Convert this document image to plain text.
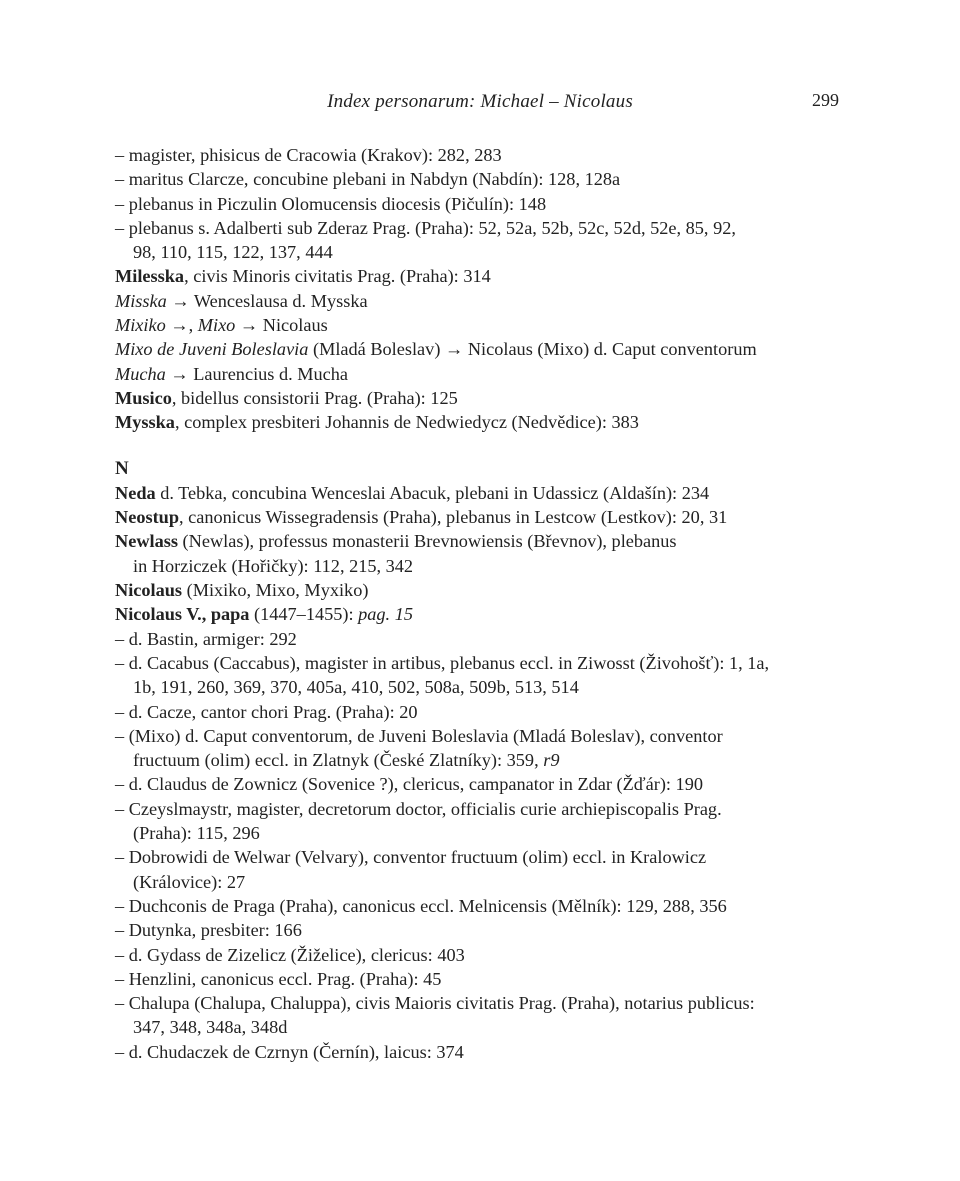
Index personarum: Michael – Nicolaus	299
– magister, phisicus de Cracowia (Krakov): 282, 283
– maritus Clarcze, concubine plebani in Nabdyn (Nabdín): 128, 128a
– plebanus in Piczulin Olomucensis diocesis (Pičulín): 148
– plebanus s. Adalberti sub Zderaz Prag. (Praha): 52, 52a, 52b, 52c, 52d, 52e, 85, 92,
98, 110, 115, 122, 137, 444
Milesska, civis Minoris civitatis Prag. (Praha): 314
Misska → Wenceslausa d. Mysska
Mixiko →, Mixo → Nicolaus
Mixo de Juveni Boleslavia (Mladá Boleslav) → Nicolaus (Mixo) d. Caput conventorum
Mucha → Laurencius d. Mucha
Musico, bidellus consistorii Prag. (Praha): 125
Mysska, complex presbiteri Johannis de Nedwiedycz (Nedvědice): 383
N
Neda d. Tebka, concubina Wenceslai Abacuk, plebani in Udassicz (Aldašín): 234
Neostup, canonicus Wissegradensis (Praha), plebanus in Lestcow (Lestkov): 20, 31
Newlass (Newlas), professus monasterii Brevnowiensis (Břevnov), plebanus
in Horziczek (Hořičky): 112, 215, 342
Nicolaus (Mixiko, Mixo, Myxiko)
Nicolaus V., papa (1447–1455): pag. 15
– d. Bastin, armiger: 292
– d. Cacabus (Caccabus), magister in artibus, plebanus eccl. in Ziwosst (Živohošť): 1, 1a,
1b, 191, 260, 369, 370, 405a, 410, 502, 508a, 509b, 513, 514
– d. Cacze, cantor chori Prag. (Praha): 20
– (Mixo) d. Caput conventorum, de Juveni Boleslavia (Mladá Boleslav), conventor
fructuum (olim) eccl. in Zlatnyk (České Zlatníky): 359, r9
– d. Claudus de Zownicz (Sovenice ?), clericus, campanator in Zdar (Žďár): 190
– Czeyslmaystr, magister, decretorum doctor, officialis curie archiepiscopalis Prag.
(Praha): 115, 296
– Dobrowidi de Welwar (Velvary), conventor fructuum (olim) eccl. in Kralowicz
(Královice): 27
– Duchconis de Praga (Praha), canonicus eccl. Melnicensis (Mělník): 129, 288, 356
– Dutynka, presbiter: 166
– d. Gydass de Zizelicz (Žiželice), clericus: 403
– Henzlini, canonicus eccl. Prag. (Praha): 45
– Chalupa (Chalupa, Chaluppa), civis Maioris civitatis Prag. (Praha), notarius publicus:
347, 348, 348a, 348d
– d. Chudaczek de Czrnyn (Černín), laicus: 374
